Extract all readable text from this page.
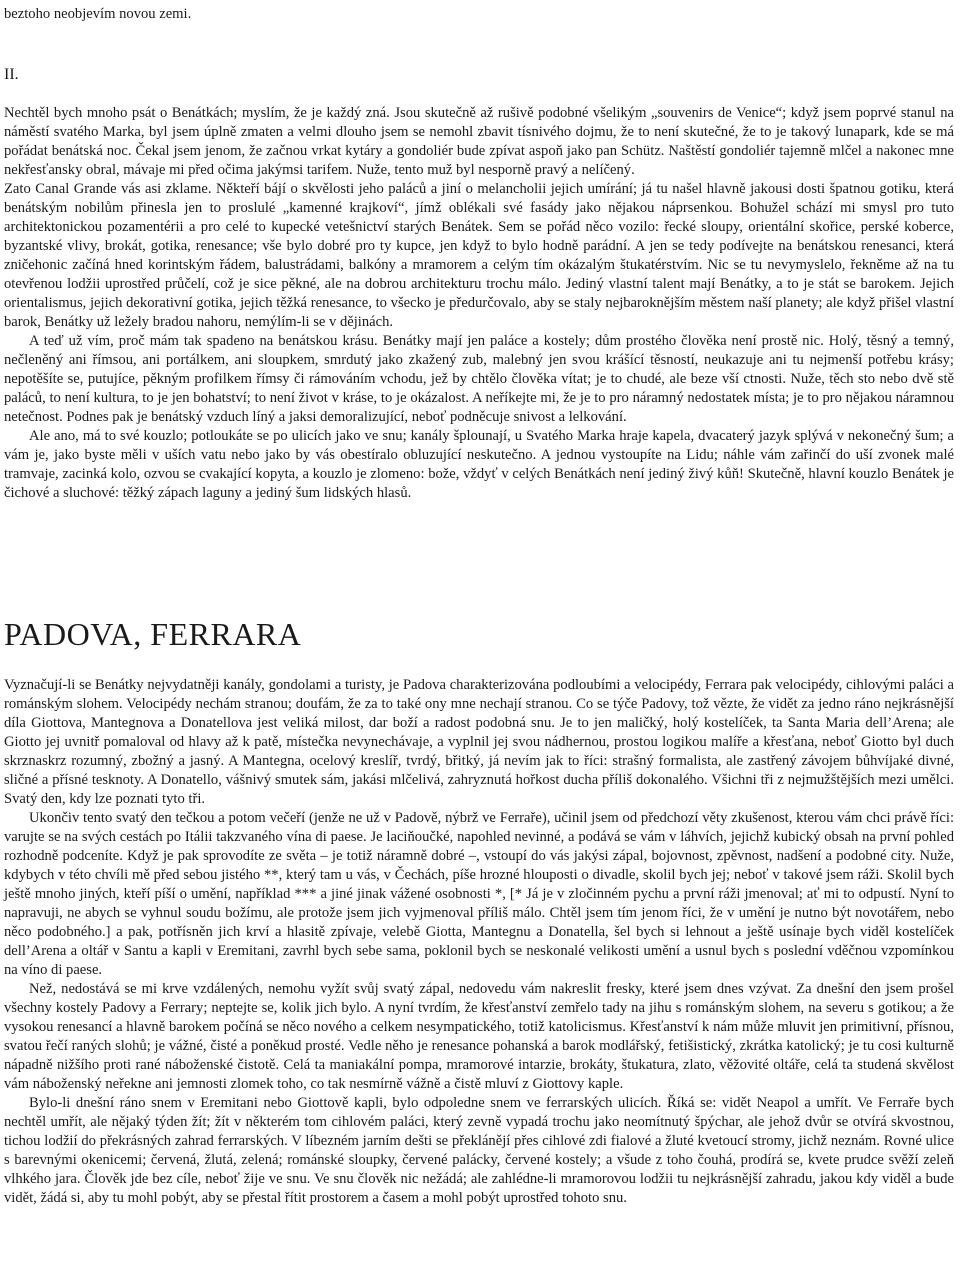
beztoho neobjevím novou zemi.
II.

Nechtěl bych mnoho psát o Benátkách; myslím, že je každý zná. Jsou skutečně až rušivě podobné všelikým „souvenirs de Venice“; když jsem poprvé stanul na náměstí svatého Marka, byl jsem úplně zmaten a velmi dlouho jsem se nemohl zbavit tísnivého dojmu, že to není skutečné, že to je takový lunapark, kde se má pořádat benátská noc. Čekal jsem jenom, že začnou vrkat kytáry a gondoliér bude zpívat aspoň jako pan Schütz. Naštěstí gondoliér tajemně mlčel a nakonec mne nekřesťansky obral, mávaje mi před očima jakýmsi tarifem. Nuže, tento muž byl nesporně pravý a nelíčený.

Zato Canal Grande vás asi zklame. Někteří bájí o skvělosti jeho paláců a jiní o melancholii jejich umírání; já tu našel hlavně jakousi dosti špatnou gotiku, která benátským nobilům přinesla jen to proslulé „kamenné krajkoví“, jímž oblékali své fasády jako nějakou náprsenkou. Bohužel schází mi smysl pro tuto architektonickou pozamentérii a pro celé to kupecké vetešnictví starých Benátek. Sem se pořád něco vozilo: řecké sloupy, orientální skořice, perské koberce, byzantské vlivy, brokát, gotika, renesance; vše bylo dobré pro ty kupce, jen když to bylo hodně parádní. A jen se tedy podívejte na benátskou renesanci, která zničehonic začíná hned korintským řádem, balustrádami, balkóny a mramorem a celým tím okázalým štukatérstvím. Nic se tu nevymyslelo, řekněme až na tu otevřenou lodžii uprostřed průčelí, což je sice pěkné, ale na dobrou architekturu trochu málo. Jediný vlastní talent mají Benátky, a to je stát se barokem. Jejich orientalismus, jejich dekorativní gotika, jejich těžká renesance, to všecko je předurčovalo, aby se staly nejbaroknějším městem naší planety; ale když přišel vlastní barok, Benátky už ležely bradou nahoru, nemýlím-li se v dějinách.

A teď už vím, proč mám tak spadeno na benátskou krásu. Benátky mají jen paláce a kostely; dům prostého člověka není prostě nic. Holý, těsný a temný, nečleněný ani římsou, ani portálkem, ani sloupkem, smrdutý jako zkažený zub, malebný jen svou krášící těsností, neukazuje ani tu nejmenší potřebu krásy; nepotěšíte se, putujíce, pěkným profilkem římsy či rámováním vchodu, jež by chtělo člověka vítat; je to chudé, ale beze vší ctnosti. Nuže, těch sto nebo dvě stě paláců, to není kultura, to je jen bohatství; to není život v kráse, to je okázalost. A neříkejte mi, že je to pro náramný nedostatek místa; je to pro nějakou náramnou netečnost. Podnes pak je benátský vzduch líný a jaksi demoralizující, neboť podněcuje snivost a lelkování.

Ale ano, má to své kouzlo; potloukáte se po ulicích jako ve snu; kanály šplounají, u Svatého Marka hraje kapela, dvacaterý jazyk splývá v nekonečný šum; a vám je, jako byste měli v uších vatu nebo jako by vás obestíralo obluzující neskutečno. A jednou vystoupíte na Lidu; náhle vám zařinčí do uší zvonek malé tramvaje, zacinká kolo, ozvou se cvakající kopyta, a kouzlo je zlomeno: bože, vždyť v celých Benátkách není jediný živý kůň! Skutečně, hlavní kouzlo Benátek je čichové a sluchové: těžký zápach laguny a jediný šum lidských hlasů.

PADOVA, FERRARA

Vyznačují-li se Benátky nejvydatněji kanály, gondolami a turisty, je Padova charakterizována podloubími a velocipédy, Ferrara pak velocipédy, cihlovými paláci a románským slohem. Velocipédy nechám stranou; doufám, že za to také ony mne nechají stranou. Co se týče Padovy, tož vězte, že vidět za jedno ráno nejkrásnější díla Giottova, Mantegnova a Donatellova jest veliká milost, dar boží a radost podobná snu. Je to jen maličký, holý kostelíček, ta Santa Maria dell’Arena; ale Giotto jej uvnitř pomaloval od hlavy až k patě, místečka nevynechávaje, a vyplnil jej svou nádhernou, prostou logikou malíře a křesťana, neboť Giotto byl duch skrznaskrz rozumný, zbožný a jasný. A Mantegna, ocelový kreslíř, tvrdý, břitký, já nevím jak to říci: strašný formalista, ale zastřený závojem bůhvíjaké divné, sličné a přísné tesknoty. A Donatello, vášnivý smutek sám, jakási mlčelivá, zahryznutá hořkost ducha příliš dokonalého. Všichni tři z nejmužštějších mezi umělci. Svatý den, kdy lze poznati tyto tři.

Ukončiv tento svatý den tečkou a potom večeří (jenže ne už v Padově, nýbrž ve Ferraře), učinil jsem od předchozí věty zkušenost, kterou vám chci právě říci: varujte se na svých cestách po Itálii takzvaného vína di paese. Je laciňoučké, napohled nevinné, a podává se vám v láhvích, jejichž kubický obsah na první pohled rozhodně podceníte. Když je pak sprovodíte ze světa – je totiž náramně dobré –, vstoupí do vás jakýsi zápal, bojovnost, zpěvnost, nadšení a podobné city. Nuže, kdybych v této chvíli mě před sebou jistého **, který tam u vás, v Čechách, píše hrozné hlouposti o divadle, skolil bych jej; neboť v takové jsem ráži. Skolil bych ještě mnoho jiných, kteří píší o umění, například *** a jiné jinak vážené osobnosti *, [* Já je v zločinném pychu a první ráži jmenoval; ať mi to odpustí. Nyní to napravuji, ne abych se vyhnul soudu božímu, ale protože jsem jich vyjmenoval příliš málo. Chtěl jsem tím jenom říci, že v umění je nutno být novotářem, nebo něco podobného.] a pak, potřísněn jich krví a hlasitě zpívaje, velebě Giotta, Mantegnu a Donatella, šel bych si lehnout a ještě usínaje bych viděl kostelíček dell’Arena a oltář v Santu a kapli v Eremitani, zavrhl bych sebe sama, poklonil bych se neskonalé velikosti umění a usnul bych s poslední vděčnou vzpomínkou na víno di paese.

Než, nedostává se mi krve vzdálených, nemohu vyžít svůj svatý zápal, nedovedu vám nakreslit fresky, které jsem dnes vzývat. Za dnešní den jsem prošel všechny kostely Padovy a Ferrary; neptejte se, kolik jich bylo. A nyní tvrdím, že křesťanství zemřelo tady na jihu s románským slohem, na severu s gotikou; a že vysokou renesancí a hlavně barokem počíná se něco nového a celkem nesympatického, totiž katolicismus. Křesťanství k nám může mluvit jen primitivní, přísnou, svatou řečí raných slohů; je vážné, čisté a poněkud prosté. Vedle něho je renesance pohanská a barok modlářský, fetišistický, zkrátka katolický; je tu cosi kulturně nápadně nižšího proti rané náboženské čistotě. Celá ta maniakální pompa, mramorové intarzie, brokáty, štukatura, zlato, věžovité oltáře, celá ta studená skvělost vám náboženský neřekne ani jemnosti zlomek toho, co tak nesmírně vážně a čistě mluví z Giottovy kaple.

Bylo-li dnešní ráno snem v Eremitani nebo Giottově kapli, bylo odpoledne snem ve ferrarských ulicích. Říká se: vidět Neapol a umřít. Ve Ferraře bych nechtěl umřít, ale nějaký týden žít; žít v některém tom cihlovém paláci, který zevně vypadá trochu jako neomítnutý špýchar, ale jehož dvůr se otvírá skvostnou, tichou lodžií do překrásných zahrad ferrarských. V líbezném jarním dešti se překlánějí přes cihlové zdi fialové a žluté kvetoucí stromy, jichž neznám. Rovné ulice s barevnými okenicemi; červená, žlutá, zelená; románské sloupky, červené palácky, červené kostely; a všude z toho čouhá, prodírá se, kvete prudce svěží zeleň vlhkého jara. Člověk jde bez cíle, neboť žije ve snu. Ve snu člověk nic nežádá; ale zahlédne-li mramorovou lodžii tu nejkrásnější zahradu, jakou kdy viděl a bude vidět, žádá si, aby tu mohl pobýt, aby se přestal řítit prostorem a časem a mohl pobýt uprostřed tohoto snu.
